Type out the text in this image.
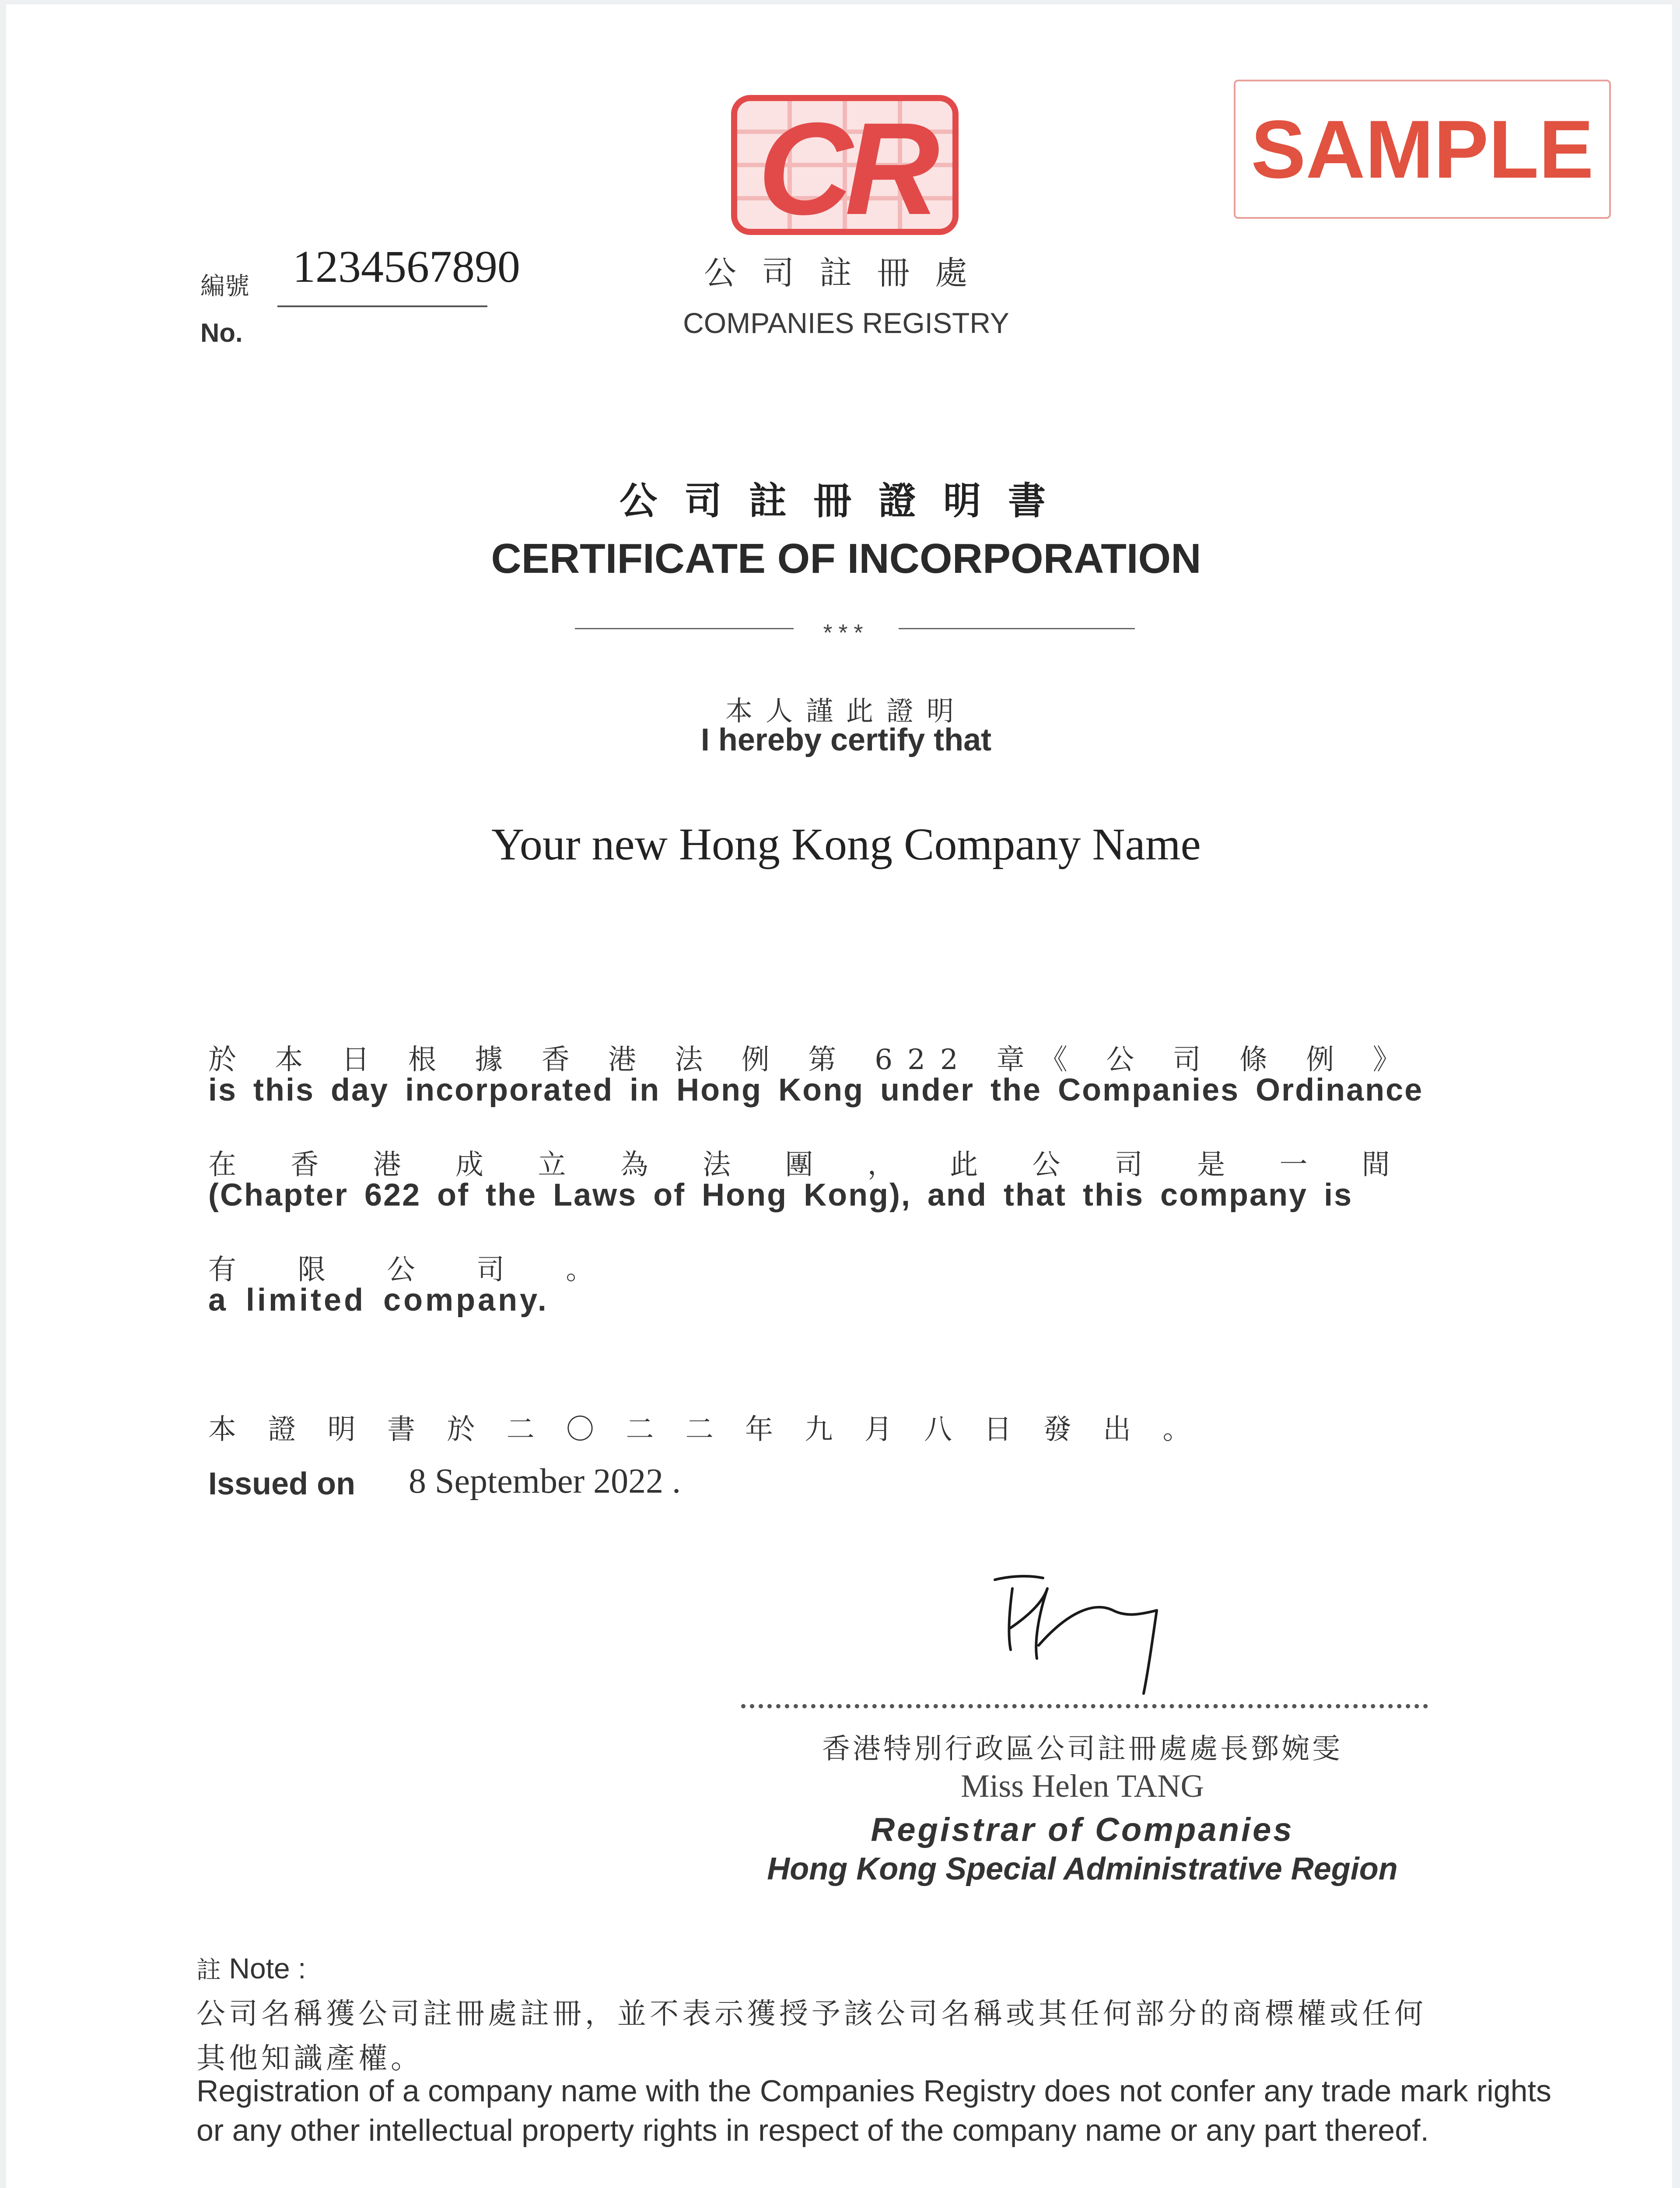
編號
No.
1234567890
CR
公司註冊處
COMPANIES REGISTRY
SAMPLE
公司註冊證明書
CERTIFICATE OF INCORPORATION
***
本人謹此證明
I hereby certify that
Your new Hong Kong Company Name
於 本 日 根 據 香 港 法 例 第 622 章《 公 司 條 例 》
is this day incorporated in Hong Kong under the Companies Ordinance
在 香 港 成 立 為 法 團 ， 此 公 司 是 一 間
(Chapter 622 of the Laws of Hong Kong), and that this company is
有 限 公 司 。
a limited company.
本 證 明 書 於 二 〇 二 二 年 九 月 八 日 發 出 。
Issued on 8 September 2022 .
香港特別行政區公司註冊處處長鄧婉雯
Miss Helen TANG
Registrar of Companies
Hong Kong Special Administrative Region
註 Note :
公司名稱獲公司註冊處註冊，並不表示獲授予該公司名稱或其任何部分的商標權或任何
其他知識產權。
Registration of a company name with the Companies Registry does not confer any trade mark rights
or any other intellectual property rights in respect of the company name or any part thereof.
